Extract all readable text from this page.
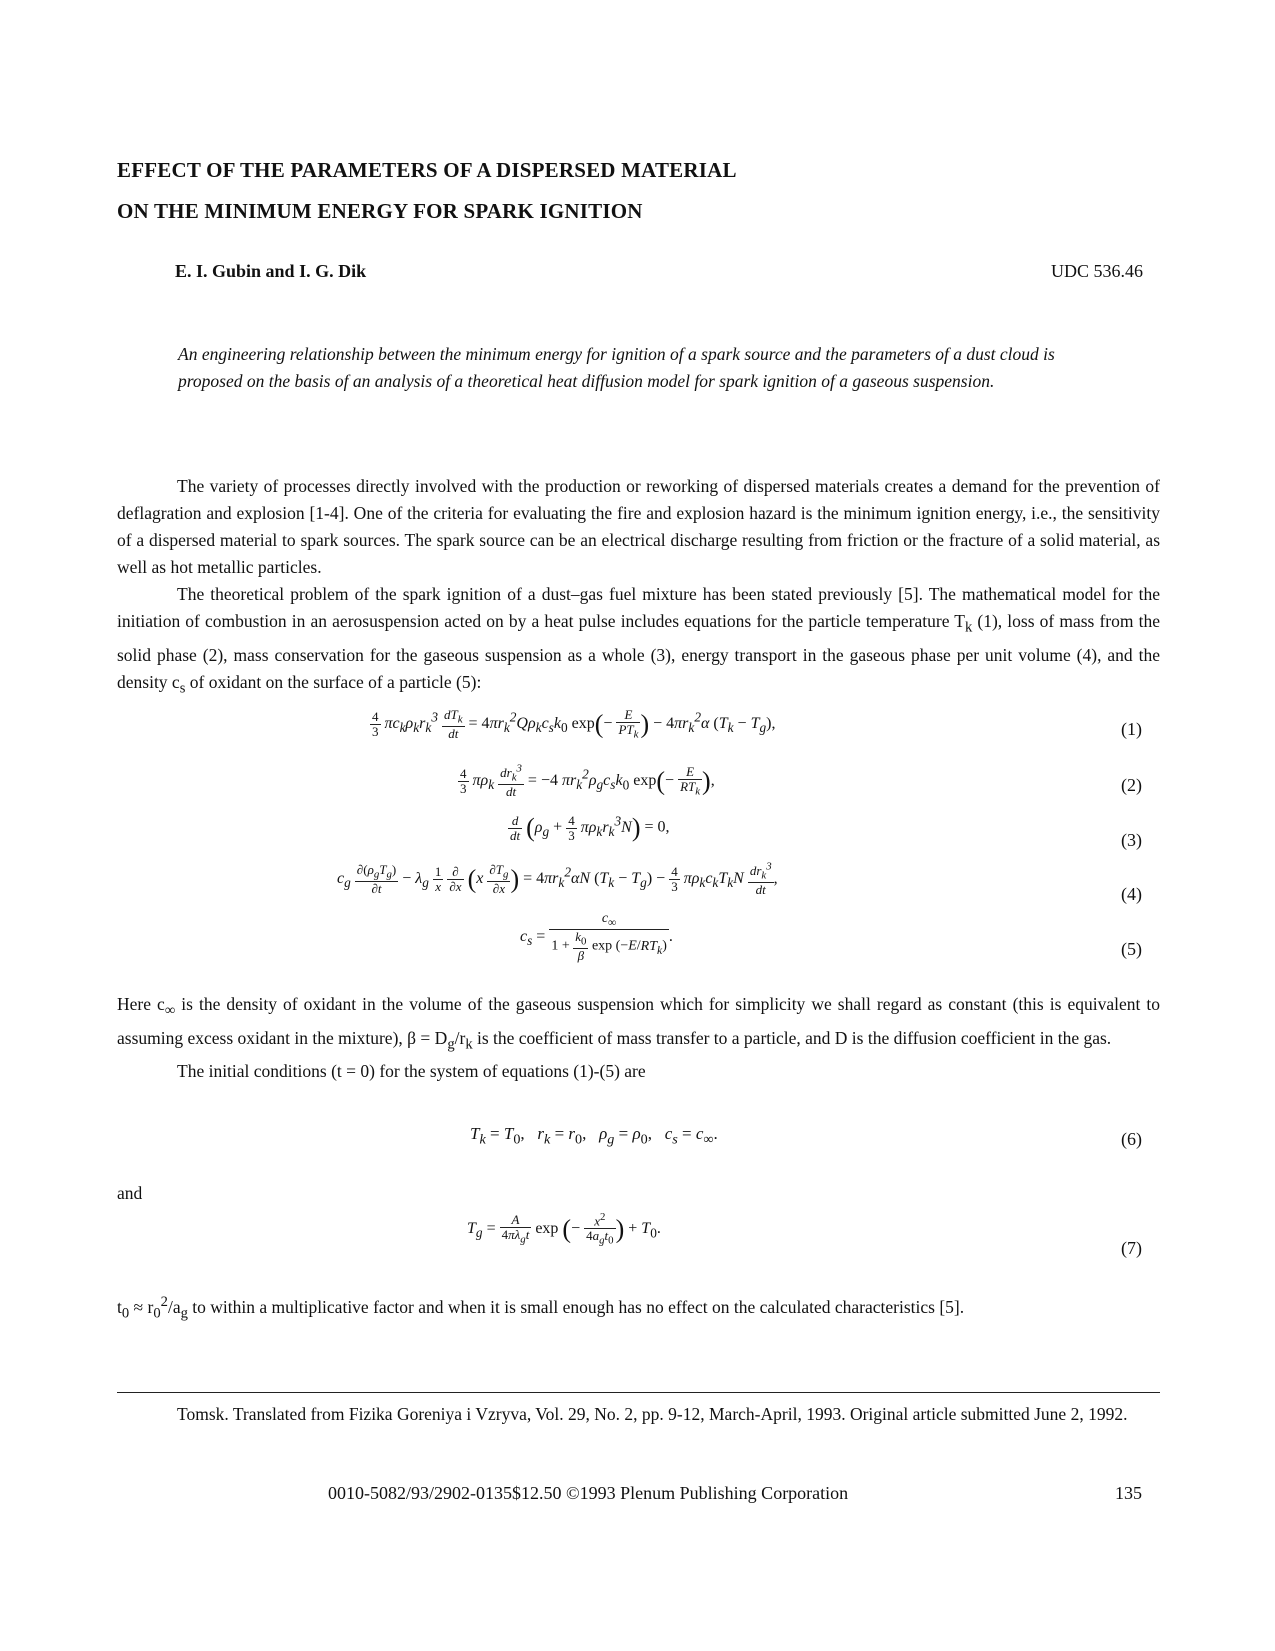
EFFECT OF THE PARAMETERS OF A DISPERSED MATERIAL
ON THE MINIMUM ENERGY FOR SPARK IGNITION
E. I. Gubin and I. G. Dik	UDC 536.46
An engineering relationship between the minimum energy for ignition of a spark source and the parameters of a dust cloud is proposed on the basis of an analysis of a theoretical heat diffusion model for spark ignition of a gaseous suspension.

The variety of processes directly involved with the production or reworking of dispersed materials creates a demand for the prevention of deflagration and explosion [1-4]. One of the criteria for evaluating the fire and explosion hazard is the minimum ignition energy, i.e., the sensitivity of a dispersed material to spark sources. The spark source can be an electrical discharge resulting from friction or the fracture of a solid material, as well as hot metallic particles.

The theoretical problem of the spark ignition of a dust–gas fuel mixture has been stated previously [5]. The mathematical model for the initiation of combustion in an aerosuspension acted on by a heat pulse includes equations for the particle temperature $T_k$ (1), loss of mass from the solid phase (2), mass conservation for the gaseous suspension as a whole (3), energy transport in the gaseous phase per unit volume (4), and the density $c_s$ of oxidant on the surface of a particle (5):

$\frac{4}{3} \pi c_k\rho_kr_k^3 \frac{dT_k}{dt} = 4\pi r_k^2Q\rho_kc_sk_0$ $\exp(- \frac{E}{PT_k}$ ) − $4\pi r_k^2\alpha$ $(T_k - T_g)$,	(1)
$\frac{4}{3} \pi\rho_k \frac{dr_k^3}{dt} = -4$ $\pi r_k^2\rho_gc_sk_0$ $\exp(- \frac{E}{RT_k}$ ),	(2)
$\frac{d}{dt} (\rho_g + \frac{4}{3} \pi\rho_kr_k^3N) = 0$,
(3)
$c_g \frac{\partial(\rho_gT_g)}{\partial t} - \lambda_g \frac{1}{x}$
$\frac{\partial}{\partial x} (x \frac{\partial T_g}{\partial x}$ ) = $4\pi r_k^2\alpha N$ $(T_k - T_g) - \frac{4}{3} \pi\rho_kc_kT_kN \frac{dr_k^3}{dt}$ ,
(4)
$c_s = \frac{c_\infty}{1 + \frac{k_0}{\beta} \exp (-E/RT_k)}$ .
(5)

Here $c_\infty$ is the density of oxidant in the volume of the gaseous suspension which for simplicity we shall regard as constant (this is equivalent to assuming excess oxidant in the mixture), $\beta = D_g/r_k$ is the coefficient of mass transfer to a particle, and D is the diffusion coefficient in the gas.

The initial conditions (t = 0) for the system of equations (1)-(5) are

$T_k = T_0$,   $r_k = r_0$,   $\rho_g = \rho_0$,   $c_s = c_\infty$.	(6)
and
$T_g = \frac{A}{4\pi\lambda_gt}$ exp (− $\frac{x^2}{4a_gt_0}$ ) + $T_0$.
(7)
$t_0 \approx r_0^2/a_g$ to within a multiplicative factor and when it is small enough has no effect on the calculated characteristics [5].

Tomsk. Translated from Fizika Goreniya i Vzryva, Vol. 29, No. 2, pp. 9-12, March-April, 1993. Original article submitted June 2, 1992.

0010-5082/93/2902-0135$12.50 ©1993 Plenum Publishing Corporation	135
